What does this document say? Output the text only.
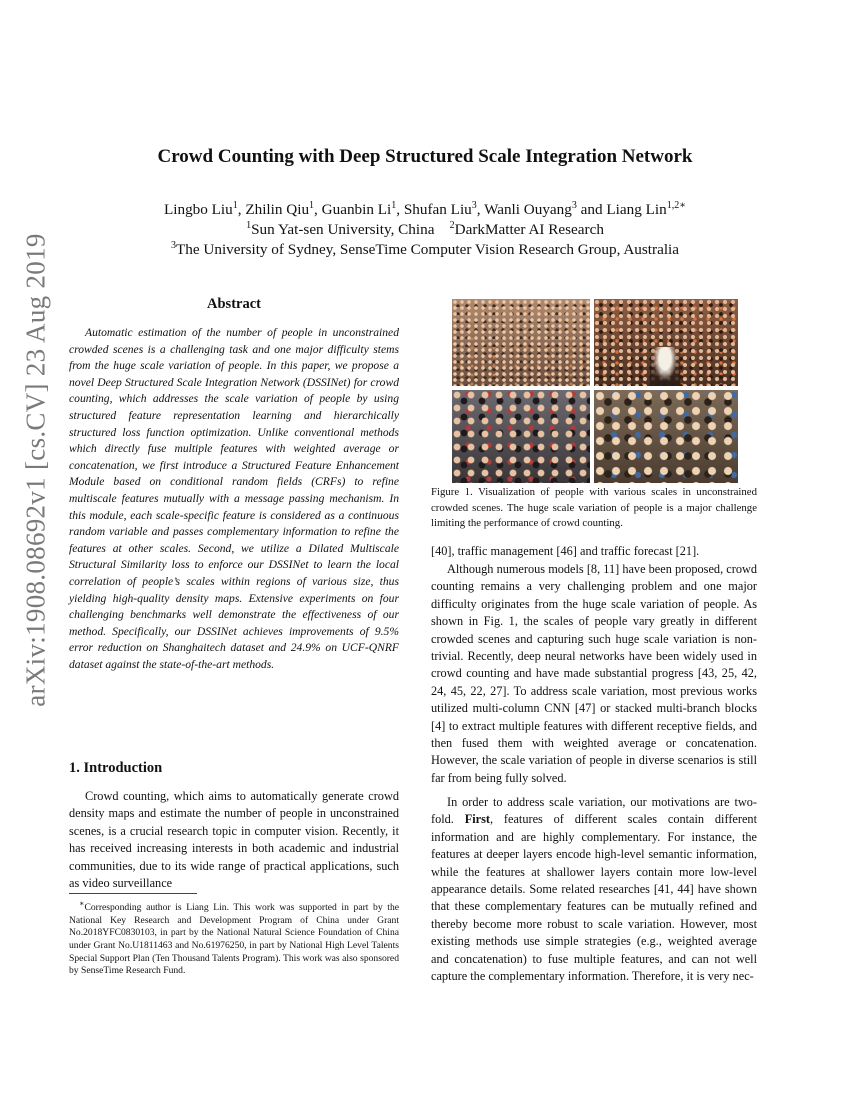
arXiv:1908.08692v1 [cs.CV] 23 Aug 2019
Crowd Counting with Deep Structured Scale Integration Network
Lingbo Liu$^1$, Zhilin Qiu$^1$, Guanbin Li$^1$, Shufan Liu$^3$, Wanli Ouyang$^3$ and Liang Lin$^{1,2∗}$
$^1$Sun Yat-sen University, China $^2$DarkMatter AI Research
$^3$The University of Sydney, SenseTime Computer Vision Research Group, Australia
Abstract

Automatic estimation of the number of people in unconstrained crowded scenes is a challenging task and one major difficulty stems from the huge scale variation of people. In this paper, we propose a novel Deep Structured Scale Integration Network (DSSINet) for crowd counting, which addresses the scale variation of people by using structured feature representation learning and hierarchically structured loss function optimization. Unlike conventional methods which directly fuse multiple features with weighted average or concatenation, we first introduce a Structured Feature Enhancement Module based on conditional random fields (CRFs) to refine multiscale features mutually with a message passing mechanism. In this module, each scale-specific feature is considered as a continuous random variable and passes complementary information to refine the features at other scales. Second, we utilize a Dilated Multiscale Structural Similarity loss to enforce our DSSINet to learn the local correlation of people’s scales within regions of various size, thus yielding high-quality density maps. Extensive experiments on four challenging benchmarks well demonstrate the effectiveness of our method. Specifically, our DSSINet achieves improvements of 9.5% error reduction on Shanghaitech dataset and 24.9% on UCF-QNRF dataset against the state-of-the-art methods.

1. Introduction

Crowd counting, which aims to automatically generate crowd density maps and estimate the number of people in unconstrained scenes, is a crucial research topic in computer vision. Recently, it has received increasing interests in both academic and industrial communities, due to its wide range of practical applications, such as video surveillance

∗Corresponding author is Liang Lin. This work was supported in part by the National Key Research and Development Program of China under Grant No.2018YFC0830103, in part by the National Natural Science Foundation of China under Grant No.U1811463 and No.61976250, in part by National High Level Talents Special Support Plan (Ten Thousand Talents Program). This work was also sponsored by SenseTime Research Fund.

Figure 1. Visualization of people with various scales in unconstrained crowded scenes. The huge scale variation of people is a major challenge limiting the performance of crowd counting.

[40], traffic management [46] and traffic forecast [21].

Although numerous models [8, 11] have been proposed, crowd counting remains a very challenging problem and one major difficulty originates from the huge scale variation of people. As shown in Fig. 1, the scales of people vary greatly in different crowded scenes and capturing such huge scale variation is non-trivial. Recently, deep neural networks have been widely used in crowd counting and have made substantial progress [43, 25, 42, 24, 45, 22, 27]. To address scale variation, most previous works utilized multi-column CNN [47] or stacked multi-branch blocks [4] to extract multiple features with different receptive fields, and then fused them with weighted average or concatenation. However, the scale variation of people in diverse scenarios is still far from being fully solved.

In order to address scale variation, our motivations are two-fold. First, features of different scales contain different information and are highly complementary. For instance, the features at deeper layers encode high-level semantic information, while the features at shallower layers contain more low-level appearance details. Some related researches [41, 44] have shown that these complementary features can be mutually refined and thereby become more robust to scale variation. However, most existing methods use simple strategies (e.g., weighted average and concatenation) to fuse multiple features, and can not well capture the complementary information. Therefore, it is very nec-
